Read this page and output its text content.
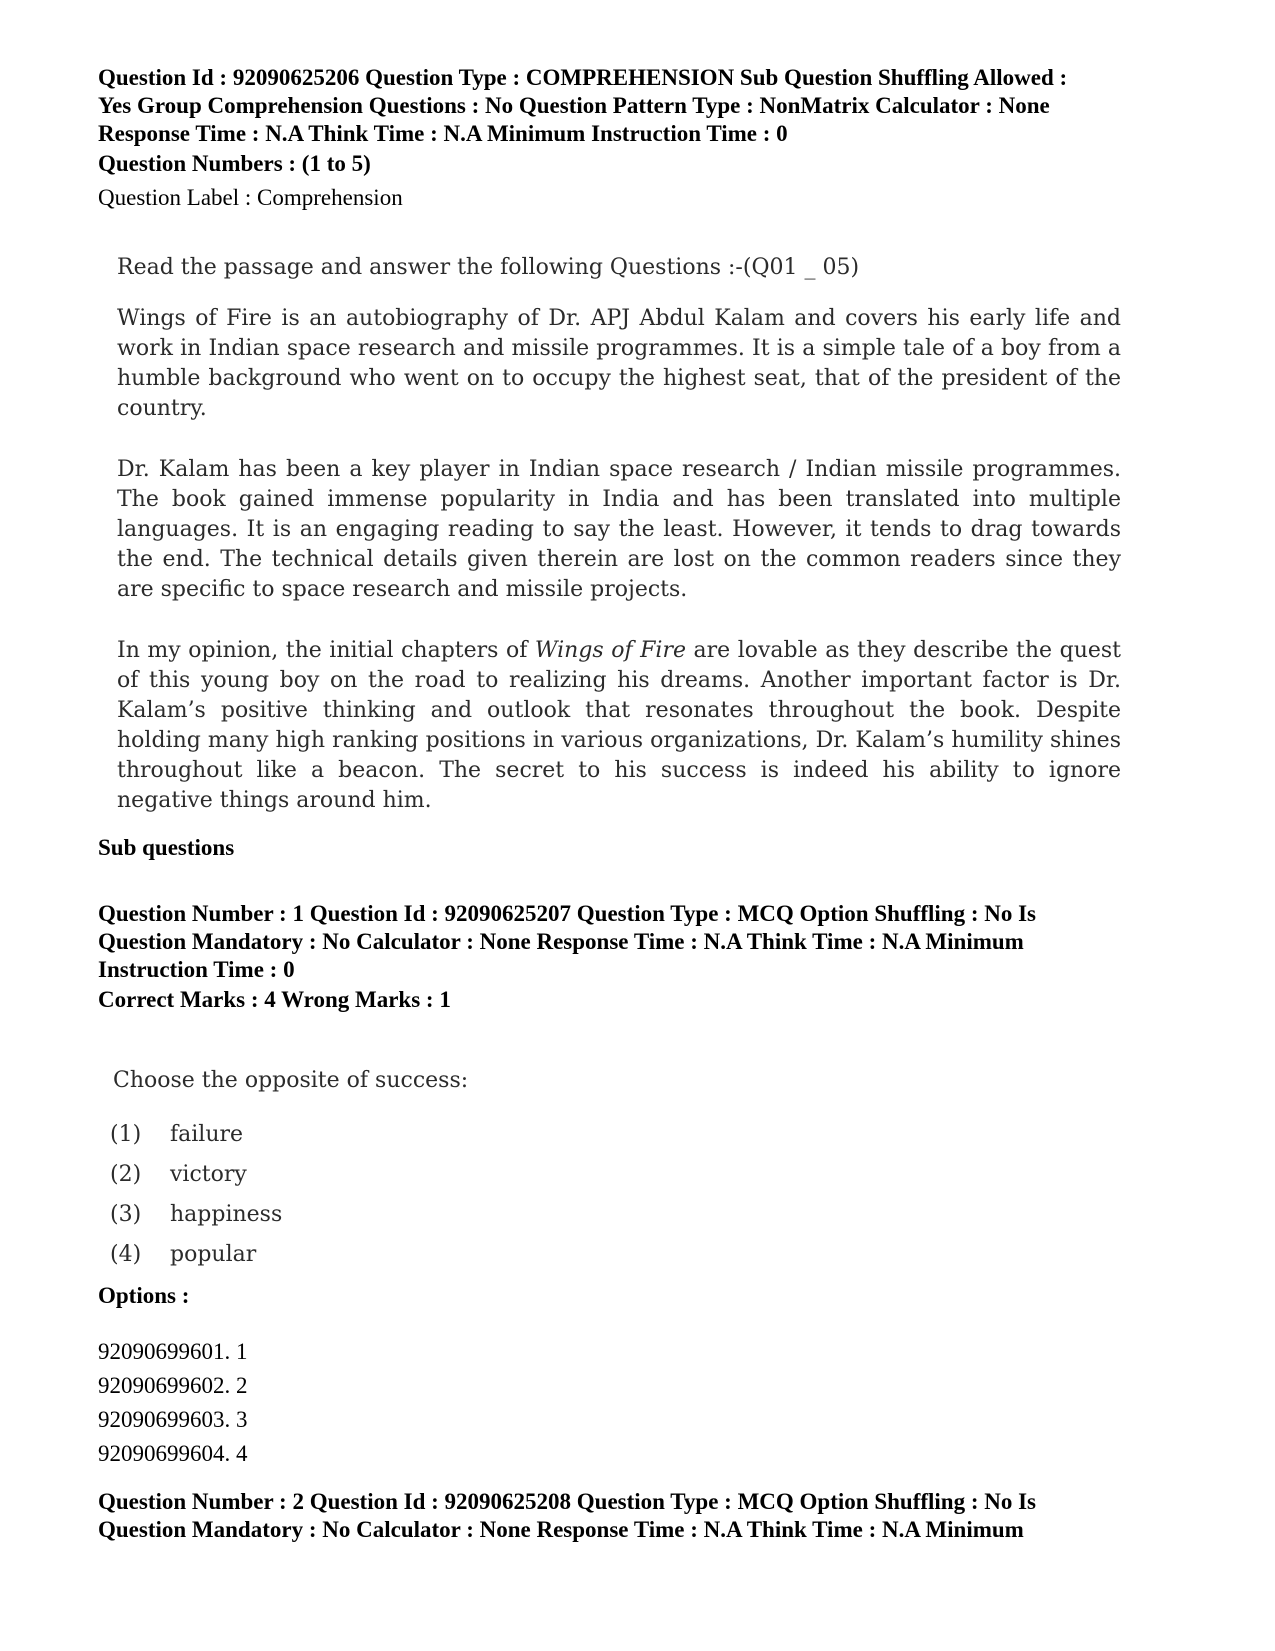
Question Id : 92090625206 Question Type : COMPREHENSION Sub Question Shuffling Allowed :
Yes Group Comprehension Questions : No Question Pattern Type : NonMatrix Calculator : None
Response Time : N.A Think Time : N.A Minimum Instruction Time : 0
Question Numbers : (1 to 5)
Question Label : Comprehension
Read the passage and answer the following Questions :-(Q01 _ 05)

Wings of Fire is an autobiography of Dr. APJ Abdul Kalam and covers his early life and work in Indian space research and missile programmes. It is a simple tale of a boy from a humble background who went on to occupy the highest seat, that of the president of the country.

Dr. Kalam has been a key player in Indian space research / Indian missile programmes. The book gained immense popularity in India and has been translated into multiple languages. It is an engaging reading to say the least. However, it tends to drag towards the end. The technical details given therein are lost on the common readers since they are specific to space research and missile projects.

In my opinion, the initial chapters of Wings of Fire are lovable as they describe the quest of this young boy on the road to realizing his dreams. Another important factor is Dr. Kalam’s positive thinking and outlook that resonates throughout the book. Despite holding many high ranking positions in various organizations, Dr. Kalam’s humility shines throughout like a beacon. The secret to his success is indeed his ability to ignore negative things around him.

Sub questions
Question Number : 1 Question Id : 92090625207 Question Type : MCQ Option Shuffling : No Is
Question Mandatory : No Calculator : None Response Time : N.A Think Time : N.A Minimum
Instruction Time : 0
Correct Marks : 4 Wrong Marks : 1
Choose the opposite of success:
(1)	failure
(2)	victory
(3)	happiness
(4)	popular
Options :
92090699601. 1
92090699602. 2
92090699603. 3
92090699604. 4
Question Number : 2 Question Id : 92090625208 Question Type : MCQ Option Shuffling : No Is
Question Mandatory : No Calculator : None Response Time : N.A Think Time : N.A Minimum
